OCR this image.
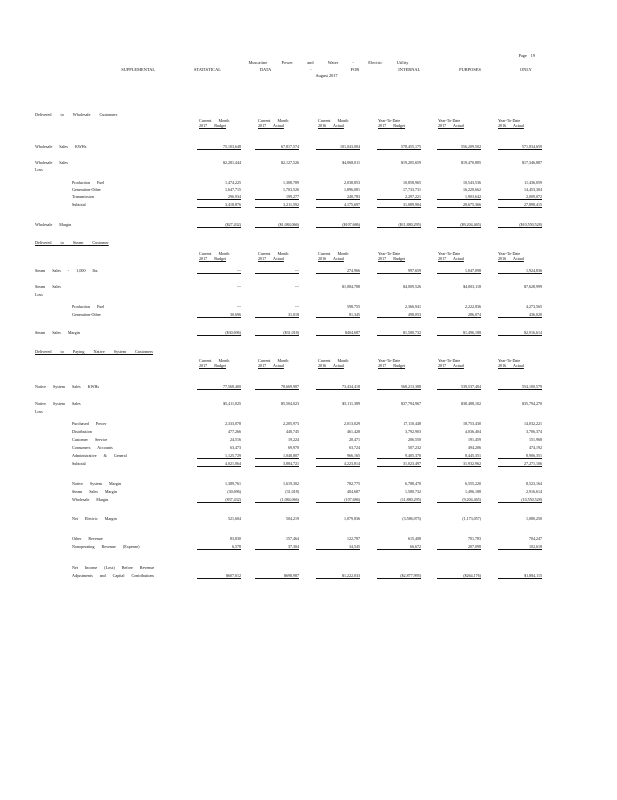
Page 19
Muscatine Power and Water - Electric Utility
SUPPLEMENTAL STATISTICAL DATA - FOR INTERNAL PURPOSES ONLY
August 2017
Delivered to Wholesale Customers
Current Month
2017 Budget
Current Month
2017 Actual
Current Month
2016 Actual
Year-To-Date
2017 Budget
Year-To-Date
2017 Actual
Year-To-Date
2016 Actual
Wholesale Sales KWHs	75,103,648	67,817,574	101,043,004	578,455,175	556,209,502	571,834,659
Wholesale Sales	$2,281,444	$2,127,526	$4,068,011	$19,205,659	$19,470,885	$17,346,887
Loss
Production Fuel	1,474,225	1,308,789	2,038,853	10,858,965	10,543,536	11,436,059
Generation-Other	1,647,715	1,703,526	1,896,081	17,733,731	16,220,662	14,453,304
Transmission	296,934	199,277	240,783	2,297,221	1,903,642	2,009,072
Subtotal	3,418,876	3,211,592	4,175,697	31,089,904	28,675,366	27,898,415
Wholesale Margin	($27,432)	($1,084,066)	($107,686)	($11,880,295)	($9,204,465)	($10,550,528)
Delivered to Steam Customer
Current Month
2017 Budget
Current Month
2017 Actual
Current Month
2016 Actual
Year-To-Date
2017 Budget
Year-To-Date
2017 Actual
Year-To-Date
2016 Actual
Steam Sales - 1,000 lbs.	---	---	274,966	997,659	1,047,098	1,924,836
Steam Sales	---	---	$1,084,788	$4,009,526	$4,003,118	$7,628,999
Loss
Production Fuel	---	---	598,755	2,366,941	2,222,836	4,273,565
Generation-Other	30,696	31,018	81,345	498,053	286,074	436,020
Steam Sales Margin	($30,696)	($31,018)	$404,687	$1,580,732	$1,496,188	$2,916,614
Delivered to Paying Native System Customers
Current Month
2017 Budget
Current Month
2017 Actual
Current Month
2016 Actual
Year-To-Date
2017 Budget
Year-To-Date
2017 Actual
Year-To-Date
2016 Actual
Native System Sales KWHs	77,568,400	78,669,987	73,434,418	568,213,388	539,537,404	554,100,579
Native System Sales	$5,411,025	$5,504,023	$5,111,389	$37,794,967	$38,488,102	$35,794,270
Loss
Purchased Power	2,333,078	2,205,973	2,013,029	17,110,448	18,753,430	14,032,221
Distribution	477,266	440,745	461,428	3,792,903	4,036,404	3,706,374
Customer Service	24,516	19,224	20,471	206,550	191,459	151,968
Consumers Accounts	63,473	69,970	63,724	507,232	494,206	474,192
Administrative & General	1,125,729	1,040,807	966,165	9,405,370	8,445,351	8,906,351
Subtotal	4,021,064	3,884,721	4,223,814	31,023,497	31,932,962	27,271,106
Native System Margin	1,389,761	1,619,302	782,775	6,788,470	6,555,220	8,523,164
Steam Sales Margin	(30,696)	(31,018)	404,687	1,580,732	1,496,188	2,916,614
Wholesale Margin	(837,432)	(1,084,066)	(107,686)	(11,880,295)	(9,204,465)	(10,550,528)
Net Electric Margin	521,604	504,219	1,079,836	(3,586,075)	(1,173,057)	1,080,250
Other Revenue	83,830	157,464	122,787	615,408	701,783	704,247
Nonoperating Revenue (Expense)	6,578	37,304	34,545	66,672	207,098	102,618
Net Income (Loss) Before Revenue
Adjustments and Capital Contributions	$607,012	$698,987	$1,222,033	($2,877,995)	($264,176)	$1,884,115
